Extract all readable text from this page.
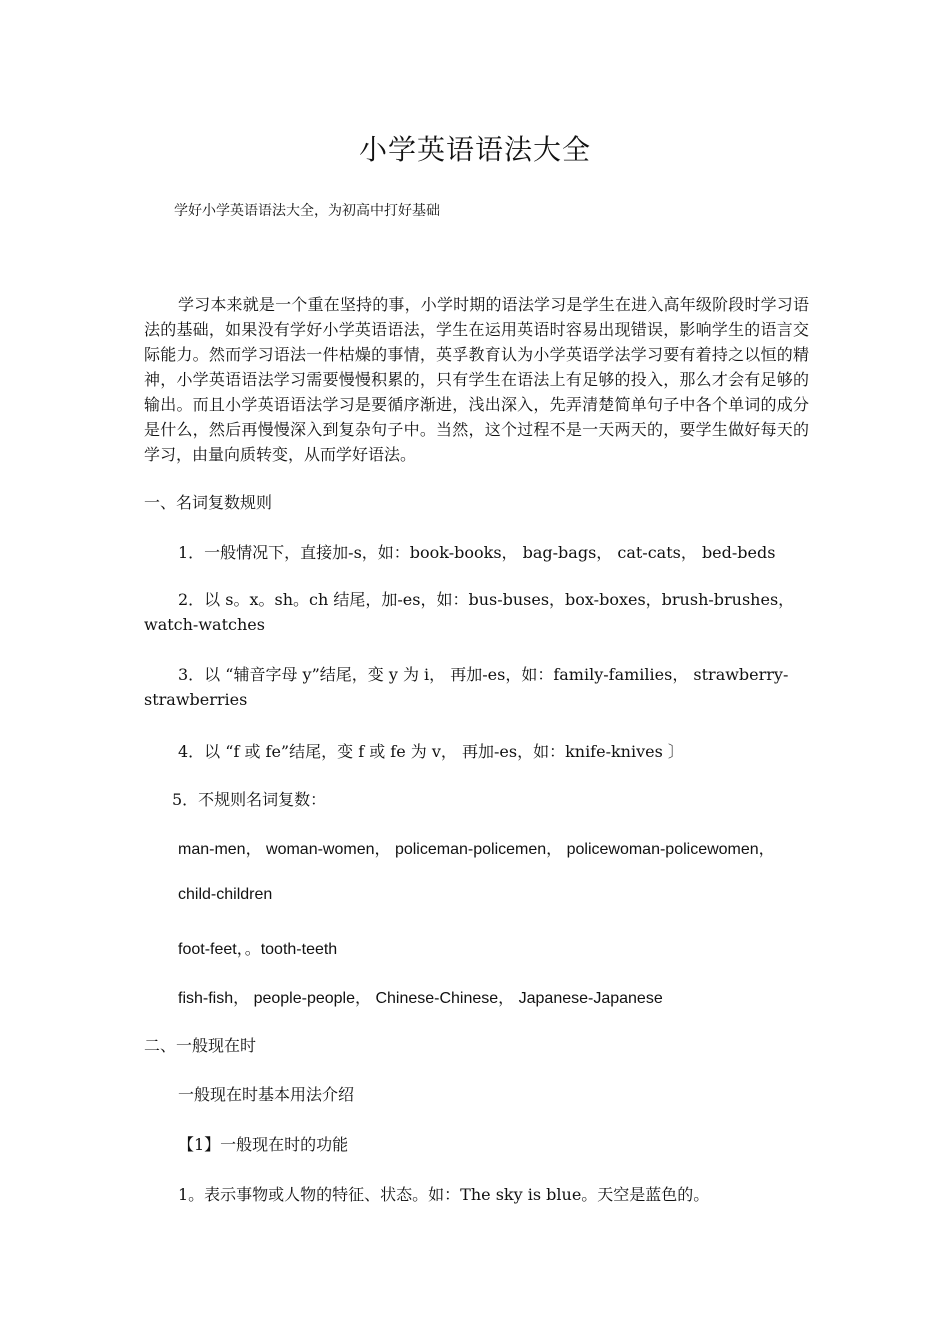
小学英语语法大全
学好小学英语语法大全，为初高中打好基础

学习本来就是一个重在坚持的事，小学时期的语法学习是学生在进入高年级阶段时学习语法的基础，如果没有学好小学英语语法，学生在运用英语时容易出现错误，影响学生的语言交际能力。然而学习语法一件枯燥的事情，英孚教育认为小学英语学法学习要有着持之以恒的精神，小学英语语法学习需要慢慢积累的，只有学生在语法上有足够的投入，那么才会有足够的输出。而且小学英语语法学习是要循序渐进，浅出深入，先弄清楚简单句子中各个单词的成分是什么，然后再慢慢深入到复杂句子中。当然，这个过程不是一天两天的，要学生做好每天的学习，由量向质转变，从而学好语法。

一、名词复数规则

1．一般情况下，直接加-s，如：book-books， bag-bags， cat-cats， bed-beds

2．以 s。x。sh。ch 结尾，加-es，如：bus-buses，box-boxes，brush-brushes，watch-watches

3．以 “辅音字母 y”结尾，变 y 为 i， 再加-es，如：family-families， strawberry-strawberries

4．以 “f 或 fe”结尾，变 f 或 fe 为 v， 再加-es，如：knife-knives 〕

5．不规则名词复数：

man-men， woman-women， policeman-policemen， policewoman-policewomen，

child-children

foot-feet，。tooth-teeth

fish-fish， people-people， Chinese-Chinese， Japanese-Japanese

二、一般现在时

一般现在时基本用法介绍

【1】一般现在时的功能

1。表示事物或人物的特征、状态。如：The sky is blue。天空是蓝色的。
